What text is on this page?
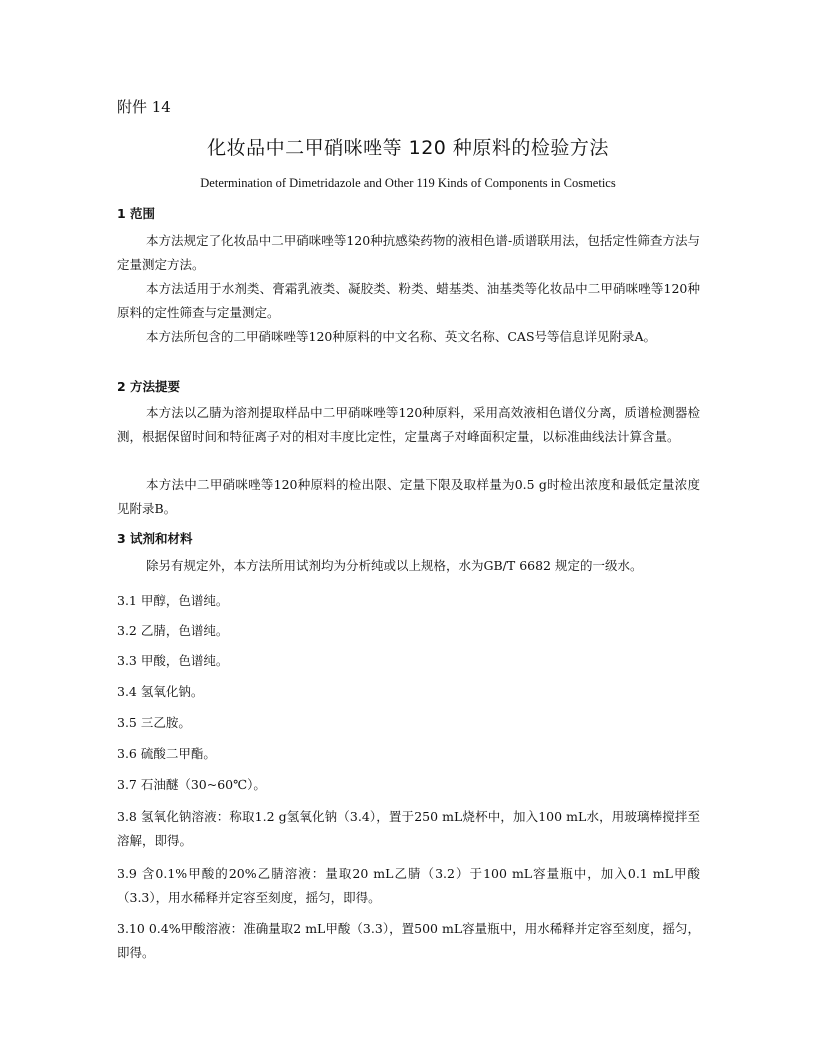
附件 14
化妆品中二甲硝咪唑等 120 种原料的检验方法
Determination of Dimetridazole and Other 119 Kinds of Components in Cosmetics
1 范围
本方法规定了化妆品中二甲硝咪唑等120种抗感染药物的液相色谱-质谱联用法，包括定性筛查方法与定量测定方法。
本方法适用于水剂类、膏霜乳液类、凝胶类、粉类、蜡基类、油基类等化妆品中二甲硝咪唑等120种原料的定性筛查与定量测定。
本方法所包含的二甲硝咪唑等120种原料的中文名称、英文名称、CAS号等信息详见附录A。
2 方法提要
本方法以乙腈为溶剂提取样品中二甲硝咪唑等120种原料，采用高效液相色谱仪分离，质谱检测器检测，根据保留时间和特征离子对的相对丰度比定性，定量离子对峰面积定量，以标准曲线法计算含量。
本方法中二甲硝咪唑等120种原料的检出限、定量下限及取样量为0.5 g时检出浓度和最低定量浓度见附录B。
3 试剂和材料
除另有规定外，本方法所用试剂均为分析纯或以上规格，水为GB/T 6682 规定的一级水。
3.1 甲醇，色谱纯。
3.2 乙腈，色谱纯。
3.3 甲酸，色谱纯。
3.4 氢氧化钠。
3.5 三乙胺。
3.6 硫酸二甲酯。
3.7 石油醚（30~60℃）。
3.8 氢氧化钠溶液：称取1.2 g氢氧化钠（3.4），置于250 mL烧杯中，加入100 mL水，用玻璃棒搅拌至溶解，即得。
3.9 含0.1%甲酸的20%乙腈溶液：量取20 mL乙腈（3.2）于100 mL容量瓶中，加入0.1 mL甲酸（3.3），用水稀释并定容至刻度，摇匀，即得。
3.10 0.4%甲酸溶液：准确量取2 mL甲酸（3.3），置500 mL容量瓶中，用水稀释并定容至刻度，摇匀，即得。
